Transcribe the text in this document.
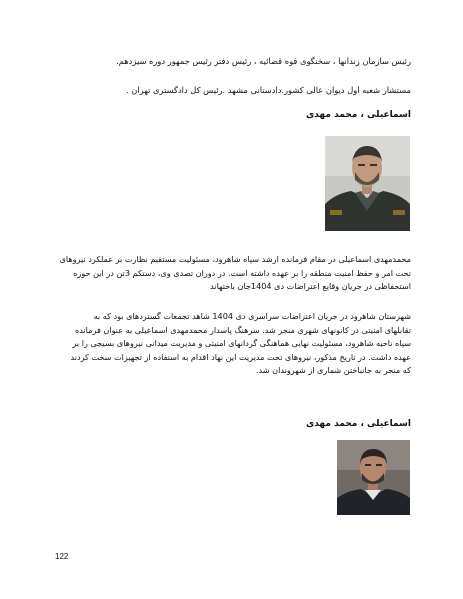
رئیس سازمان زندانها ، سخنگوی قوه قضائیه ، رئیس دفتر رئیس جمهور دوره سیزدهم.
مستشار شعبه اول دیوان عالی کشور.دادستانی مشهد .رئیس کل دادگستری تهران .
اسماعیلی ، محمد مهدی
محمدمهدی اسماعیلی در مقام فرمانده ارشد سپاه شاهرود، مسئولیت مستقیم نظارت بر عملکرد نیروهای
تحت امر و حفظ امنیت منطقه را بر عهده داشته است. در دوران تصدی وی، دستکم 3تن در این حوزه
استحفاظی در جریان وقایع اعتراضات دی 1404جان باختهاند
شهرستان شاهرود در جریان اعتراضات سراسری دی 1404 شاهد تجمعات گستردهای بود که به
تقابلهای امنیتی در کانونهای شهری منجر شد. سرهنگ پاسدار محمدمهدی اسماعیلی به عنوان فرمانده
سپاه ناحیه شاهرود، مسئولیت نهایی هماهنگی گردانهای امنیتی و مدیریت میدانی نیروهای بسیجی را بر
عهده داشت. در تاریخ مذکور، نیروهای تحت مدیریت این نهاد اقدام به استفاده از تجهیزات سخت کردند
که منجر به جانباختن شماری از شهروندان شد.
اسماعیلی ، محمد مهدی
122
